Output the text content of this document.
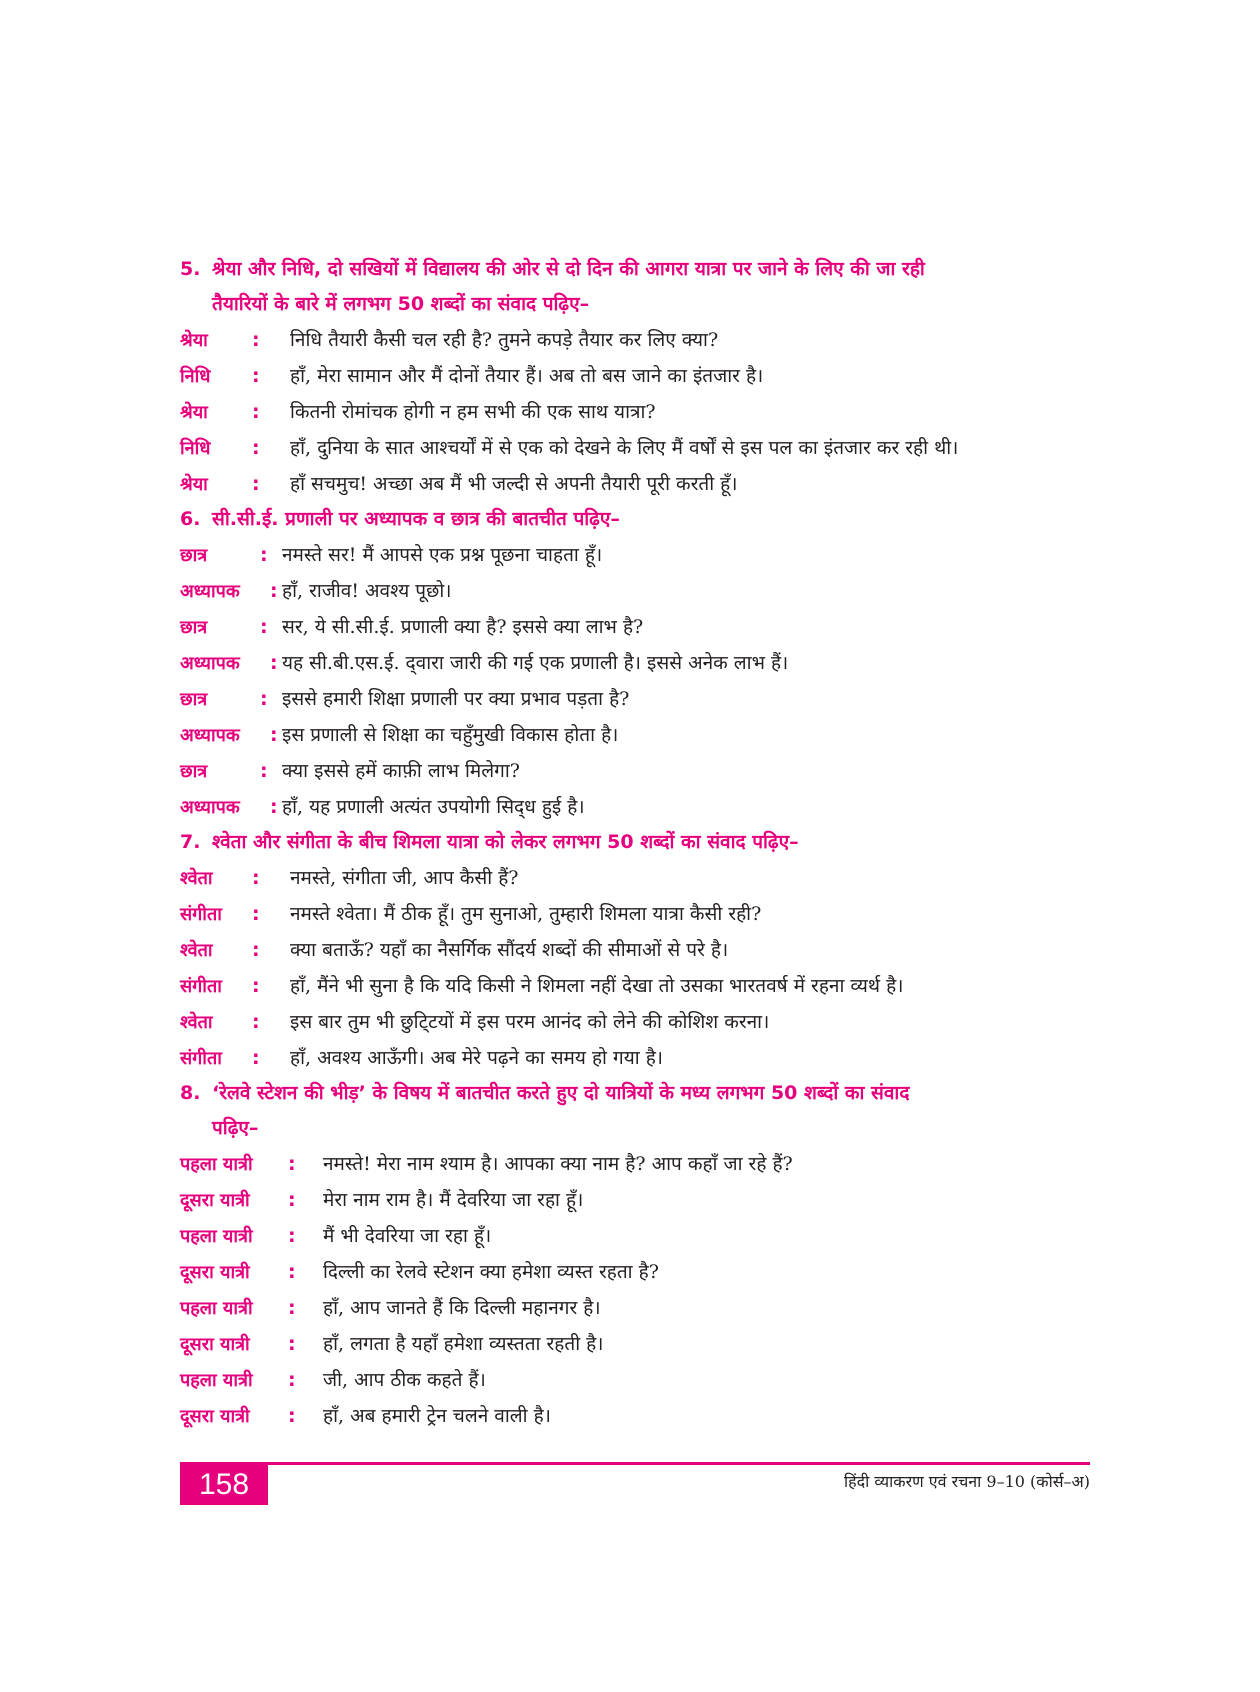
5. श्रेया और निधि, दो सखियों में विद्यालय की ओर से दो दिन की आगरा यात्रा पर जाने के लिए की जा रही
तैयारियों के बारे में लगभग 50 शब्दों का संवाद पढ़िए–

श्रेया	:	निधि तैयारी कैसी चल रही है? तुमने कपड़े तैयार कर लिए क्या?
निधि	:	हाँ, मेरा सामान और मैं दोनों तैयार हैं। अब तो बस जाने का इंतजार है।
श्रेया	:	कितनी रोमांचक होगी न हम सभी की एक साथ यात्रा?
निधि	:	हाँ, दुनिया के सात आश्चर्यों में से एक को देखने के लिए मैं वर्षों से इस पल का इंतजार कर रही थी।
श्रेया	:	हाँ सचमुच! अच्छा अब मैं भी जल्दी से अपनी तैयारी पूरी करती हूँ।

6. सी.सी.ई. प्रणाली पर अध्यापक व छात्र की बातचीत पढ़िए–

छात्र	: नमस्ते सर! मैं आपसे एक प्रश्न पूछना चाहता हूँ।
अध्यापक	: हाँ, राजीव! अवश्य पूछो।
छात्र	: सर, ये सी.सी.ई. प्रणाली क्या है? इससे क्या लाभ है?
अध्यापक	: यह सी.बी.एस.ई. द्‍वारा जारी की गई एक प्रणाली है। इससे अनेक लाभ हैं।
छात्र	: इससे हमारी शिक्षा प्रणाली पर क्या प्रभाव पड़ता है?
अध्यापक	: इस प्रणाली से शिक्षा का चहुँमुखी विकास होता है।
छात्र	: क्या इससे हमें काफ़ी लाभ मिलेगा?
अध्यापक	: हाँ, यह प्रणाली अत्यंत उपयोगी सिद्‍ध हुई है।

7. श्वेता और संगीता के बीच शिमला यात्रा को लेकर लगभग 50 शब्दों का संवाद पढ़िए–

श्वेता	:	नमस्ते, संगीता जी, आप कैसी हैं?
संगीता	:	नमस्ते श्वेता। मैं ठीक हूँ। तुम सुनाओ, तुम्हारी शिमला यात्रा कैसी रही?
श्वेता	:	क्या बताऊँ? यहाँ का नैसर्गिक सौंदर्य शब्दों की सीमाओं से परे है।
संगीता	:	हाँ, मैंने भी सुना है कि यदि किसी ने शिमला नहीं देखा तो उसका भारतवर्ष में रहना व्यर्थ है।
श्वेता	:	इस बार तुम भी छुट्‍टियों में इस परम आनंद को लेने की कोशिश करना।
संगीता	:	हाँ, अवश्य आऊँगी। अब मेरे पढ़ने का समय हो गया है।

8. ‘रेलवे स्टेशन की भीड़’ के विषय में बातचीत करते हुए दो यात्रियों के मध्य लगभग 50 शब्दों का संवाद
पढ़िए–

पहला यात्री	:	नमस्ते! मेरा नाम श्याम है। आपका क्या नाम है? आप कहाँ जा रहे हैं?
दूसरा यात्री	:	मेरा नाम राम है। मैं देवरिया जा रहा हूँ।
पहला यात्री	:	मैं भी देवरिया जा रहा हूँ।
दूसरा यात्री	:	दिल्ली का रेलवे स्टेशन क्या हमेशा व्यस्त रहता है?
पहला यात्री	:	हाँ, आप जानते हैं कि दिल्ली महानगर है।
दूसरा यात्री	:	हाँ, लगता है यहाँ हमेशा व्यस्तता रहती है।
पहला यात्री	:	जी, आप ठीक कहते हैं।
दूसरा यात्री	:	हाँ, अब हमारी ट्रेन चलने वाली है।
158	हिंदी व्याकरण एवं रचना 9–10 (कोर्स–अ)
